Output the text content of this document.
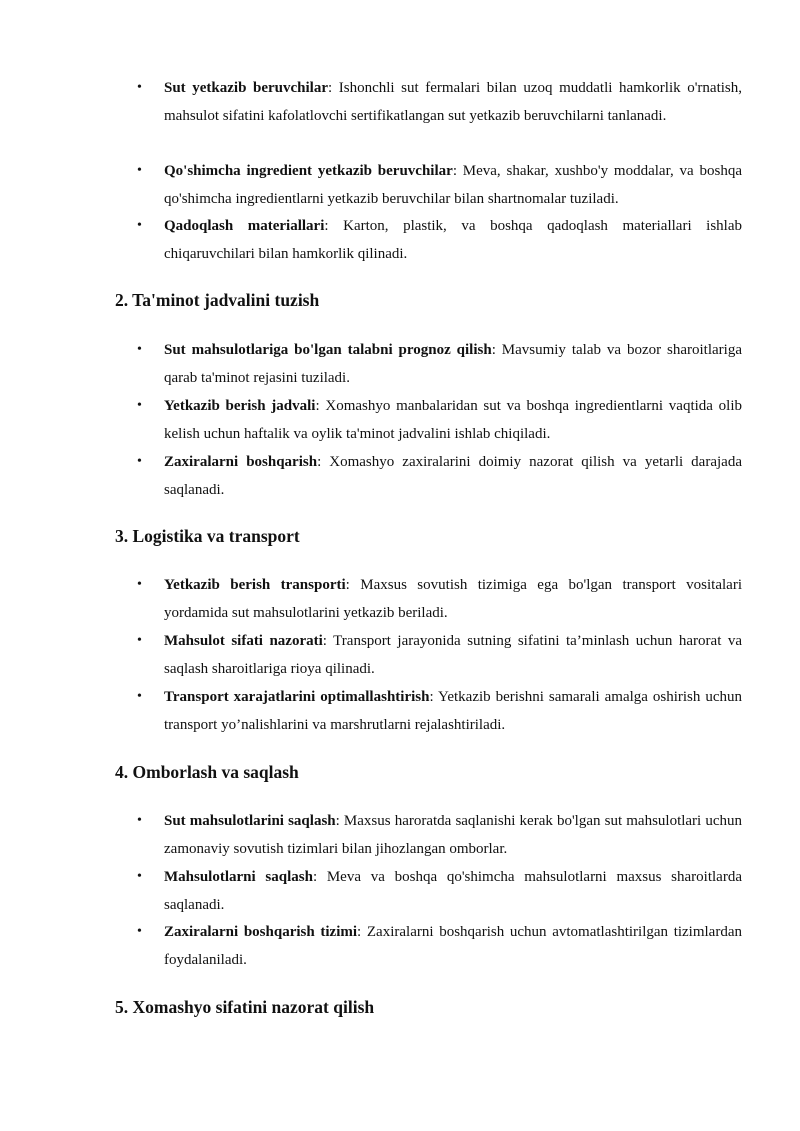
• Sut yetkazib beruvchilar: Ishonchli sut fermalari bilan uzoq muddatli hamkorlik o'rnatish, mahsulot sifatini kafolatlovchi sertifikatlangan sut yetkazib beruvchilarni tanlanadi.
• Qo'shimcha ingredient yetkazib beruvchilar: Meva, shakar, xushbo'y moddalar, va boshqa qo'shimcha ingredientlarni yetkazib beruvchilar bilan shartnomalar tuziladi.
• Qadoqlash materiallari: Karton, plastik, va boshqa qadoqlash materiallari ishlab chiqaruvchilari bilan hamkorlik qilinadi.
2. Ta'minot jadvalini tuzish
• Sut mahsulotlariga bo'lgan talabni prognoz qilish: Mavsumiy talab va bozor sharoitlariga qarab ta'minot rejasini tuziladi.
• Yetkazib berish jadvali: Xomashyo manbalaridan sut va boshqa ingredientlarni vaqtida olib kelish uchun haftalik va oylik ta'minot jadvalini ishlab chiqiladi.
• Zaxiralarni boshqarish: Xomashyo zaxiralarini doimiy nazorat qilish va yetarli darajada saqlanadi.
3. Logistika va transport
• Yetkazib berish transporti: Maxsus sovutish tizimiga ega bo'lgan transport vositalari yordamida sut mahsulotlarini yetkazib beriladi.
• Mahsulot sifati nazorati: Transport jarayonida sutning sifatini ta’minlash uchun harorat va saqlash sharoitlariga rioya qilinadi.
• Transport xarajatlarini optimallashtirish: Yetkazib berishni samarali amalga oshirish uchun transport yo’nalishlarini va marshrutlarni rejalashtiriladi.
4. Omborlash va saqlash
• Sut mahsulotlarini saqlash: Maxsus haroratda saqlanishi kerak bo'lgan sut mahsulotlari uchun zamonaviy sovutish tizimlari bilan jihozlangan omborlar.
• Mahsulotlarni saqlash: Meva va boshqa qo'shimcha mahsulotlarni maxsus sharoitlarda saqlanadi.
• Zaxiralarni boshqarish tizimi: Zaxiralarni boshqarish uchun avtomatlashtirilgan tizimlardan foydalaniladi.
5. Xomashyo sifatini nazorat qilish
